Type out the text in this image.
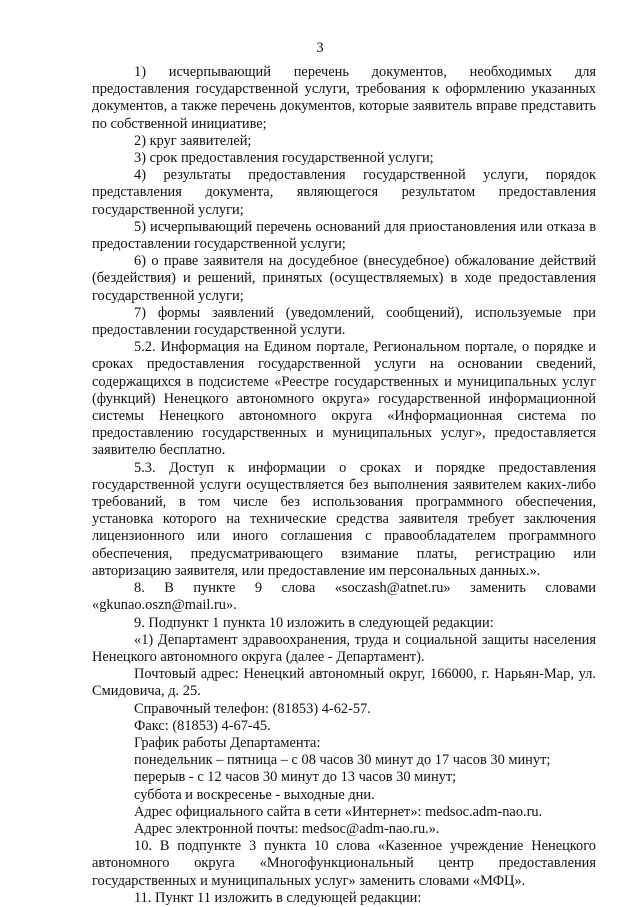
3

1) исчерпывающий перечень документов, необходимых для предоставления государственной услуги, требования к оформлению указанных документов, а также перечень документов, которые заявитель вправе представить по собственной инициативе;

2) круг заявителей;

3) срок предоставления государственной услуги;

4) результаты предоставления государственной услуги, порядок представления документа, являющегося результатом предоставления государственной услуги;

5) исчерпывающий перечень оснований для приостановления или отказа в предоставлении государственной услуги;

6) о праве заявителя на досудебное (внесудебное) обжалование действий (бездействия) и решений, принятых (осуществляемых) в ходе предоставления государственной услуги;

7) формы заявлений (уведомлений, сообщений), используемые при предоставлении государственной услуги.

5.2. Информация на Едином портале, Региональном портале, о порядке и сроках предоставления государственной услуги на основании сведений, содержащихся в подсистеме «Реестре государственных и муниципальных услуг (функций) Ненецкого автономного округа» государственной информационной системы Ненецкого автономного округа «Информационная система по предоставлению государственных и муниципальных услуг», предоставляется заявителю бесплатно.

5.3. Доступ к информации о сроках и порядке предоставления государственной услуги осуществляется без выполнения заявителем каких-либо требований, в том числе без использования программного обеспечения, установка которого на технические средства заявителя требует заключения лицензионного или иного соглашения с правообладателем программного обеспечения, предусматривающего взимание платы, регистрацию или авторизацию заявителя, или предоставление им персональных данных.».

8. В пункте 9 слова «soczash@atnet.ru» заменить словами «gkunao.oszn@mail.ru».

9. Подпункт 1 пункта 10 изложить в следующей редакции:

«1) Департамент здравоохранения, труда и социальной защиты населения Ненецкого автономного округа (далее - Департамент).

Почтовый адрес: Ненецкий автономный округ, 166000, г. Нарьян-Мар, ул. Смидовича, д. 25.

Справочный телефон: (81853) 4-62-57.

Факс: (81853) 4-67-45.

График работы Департамента:

понедельник – пятница – с 08 часов 30 минут до 17 часов 30 минут;

перерыв - с 12 часов 30 минут до 13 часов 30 минут;

суббота и воскресенье - выходные дни.

Адрес официального сайта в сети «Интернет»: medsoc.adm-nao.ru.

Адрес электронной почты: medsoc@adm-nao.ru.».

10. В подпункте 3 пункта 10 слова «Казенное учреждение Ненецкого автономного округа «Многофункциональный центр предоставления государственных и муниципальных услуг» заменить словами «МФЦ».

11. Пункт 11 изложить в следующей редакции:
